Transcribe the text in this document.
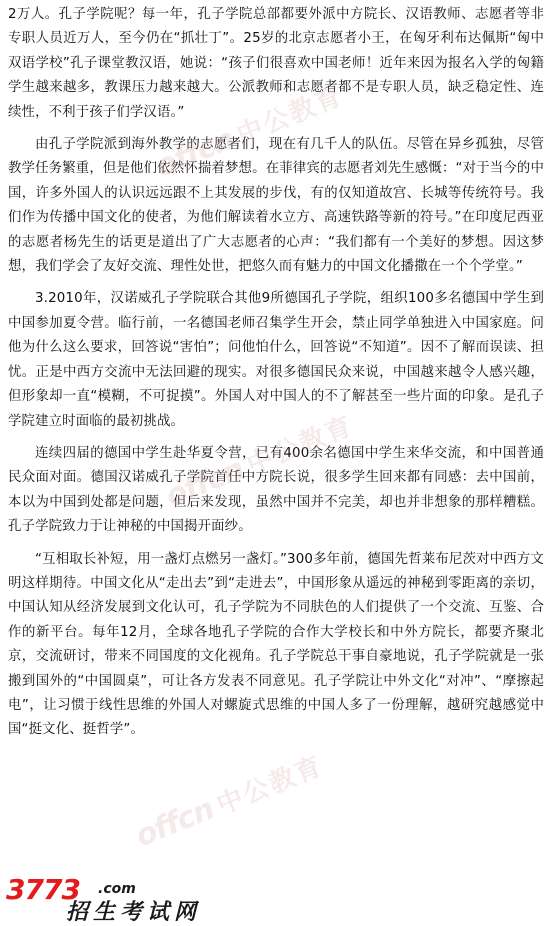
2万人。孔子学院呢？每一年，孔子学院总部都要外派中方院长、汉语教师、志愿者等非专职人员近万人，至今仍在“抓壮丁”。25岁的北京志愿者小王，在匈牙利布达佩斯“匈中双语学校”孔子课堂教汉语，她说：“孩子们很喜欢中国老师！近年来因为报名入学的匈籍学生越来越多，教课压力越来越大。公派教师和志愿者都不是专职人员，缺乏稳定性、连续性，不利于孩子们学汉语。”

由孔子学院派到海外教学的志愿者们，现在有几千人的队伍。尽管在异乡孤独，尽管教学任务繁重，但是他们依然怀揣着梦想。在菲律宾的志愿者刘先生感慨：“对于当今的中国，许多外国人的认识远远跟不上其发展的步伐，有的仅知道故宫、长城等传统符号。我们作为传播中国文化的使者，为他们解读着水立方、高速铁路等新的符号。”在印度尼西亚的志愿者杨先生的话更是道出了广大志愿者的心声：“我们都有一个美好的梦想。因这梦想，我们学会了友好交流、理性处世，把悠久而有魅力的中国文化播撒在一个个学堂。”

3.2010年，汉诺威孔子学院联合其他9所德国孔子学院，组织100多名德国中学生到中国参加夏令营。临行前，一名德国老师召集学生开会，禁止同学单独进入中国家庭。问他为什么这么要求，回答说“害怕”；问他怕什么，回答说“不知道”。因不了解而误读、担忧。正是中西方交流中无法回避的现实。对很多德国民众来说，中国越来越令人感兴趣，但形象却一直“模糊，不可捉摸”。外国人对中国人的不了解甚至一些片面的印象。是孔子学院建立时面临的最初挑战。

连续四届的德国中学生赴华夏令营，已有400余名德国中学生来华交流，和中国普通民众面对面。德国汉诺威孔子学院首任中方院长说，很多学生回来都有同感：去中国前，本以为中国到处都是问题，但后来发现，虽然中国并不完美，却也并非想象的那样糟糕。孔子学院致力于让神秘的中国揭开面纱。

“互相取长补短，用一盏灯点燃另一盏灯。”300多年前，德国先哲莱布尼茨对中西方文明这样期待。中国文化从“走出去”到“走进去”，中国形象从遥远的神秘到零距离的亲切，中国认知从经济发展到文化认可，孔子学院为不同肤色的人们提供了一个交流、互鉴、合作的新平台。每年12月，全球各地孔子学院的合作大学校长和中外方院长，都要齐聚北京，交流研讨，带来不同国度的文化视角。孔子学院总干事自豪地说，孔子学院就是一张搬到国外的“中国圆桌”，可让各方发表不同意见。孔子学院让中外文化“对冲”、“摩擦起电”，让习惯于线性思维的外国人对螺旋式思维的中国人多了一份理解，越研究越感觉中国“挺文化、挺哲学”。

offcn中公教育
offcn中公教育
offcn中公教育
3773 .com
招生考试网
